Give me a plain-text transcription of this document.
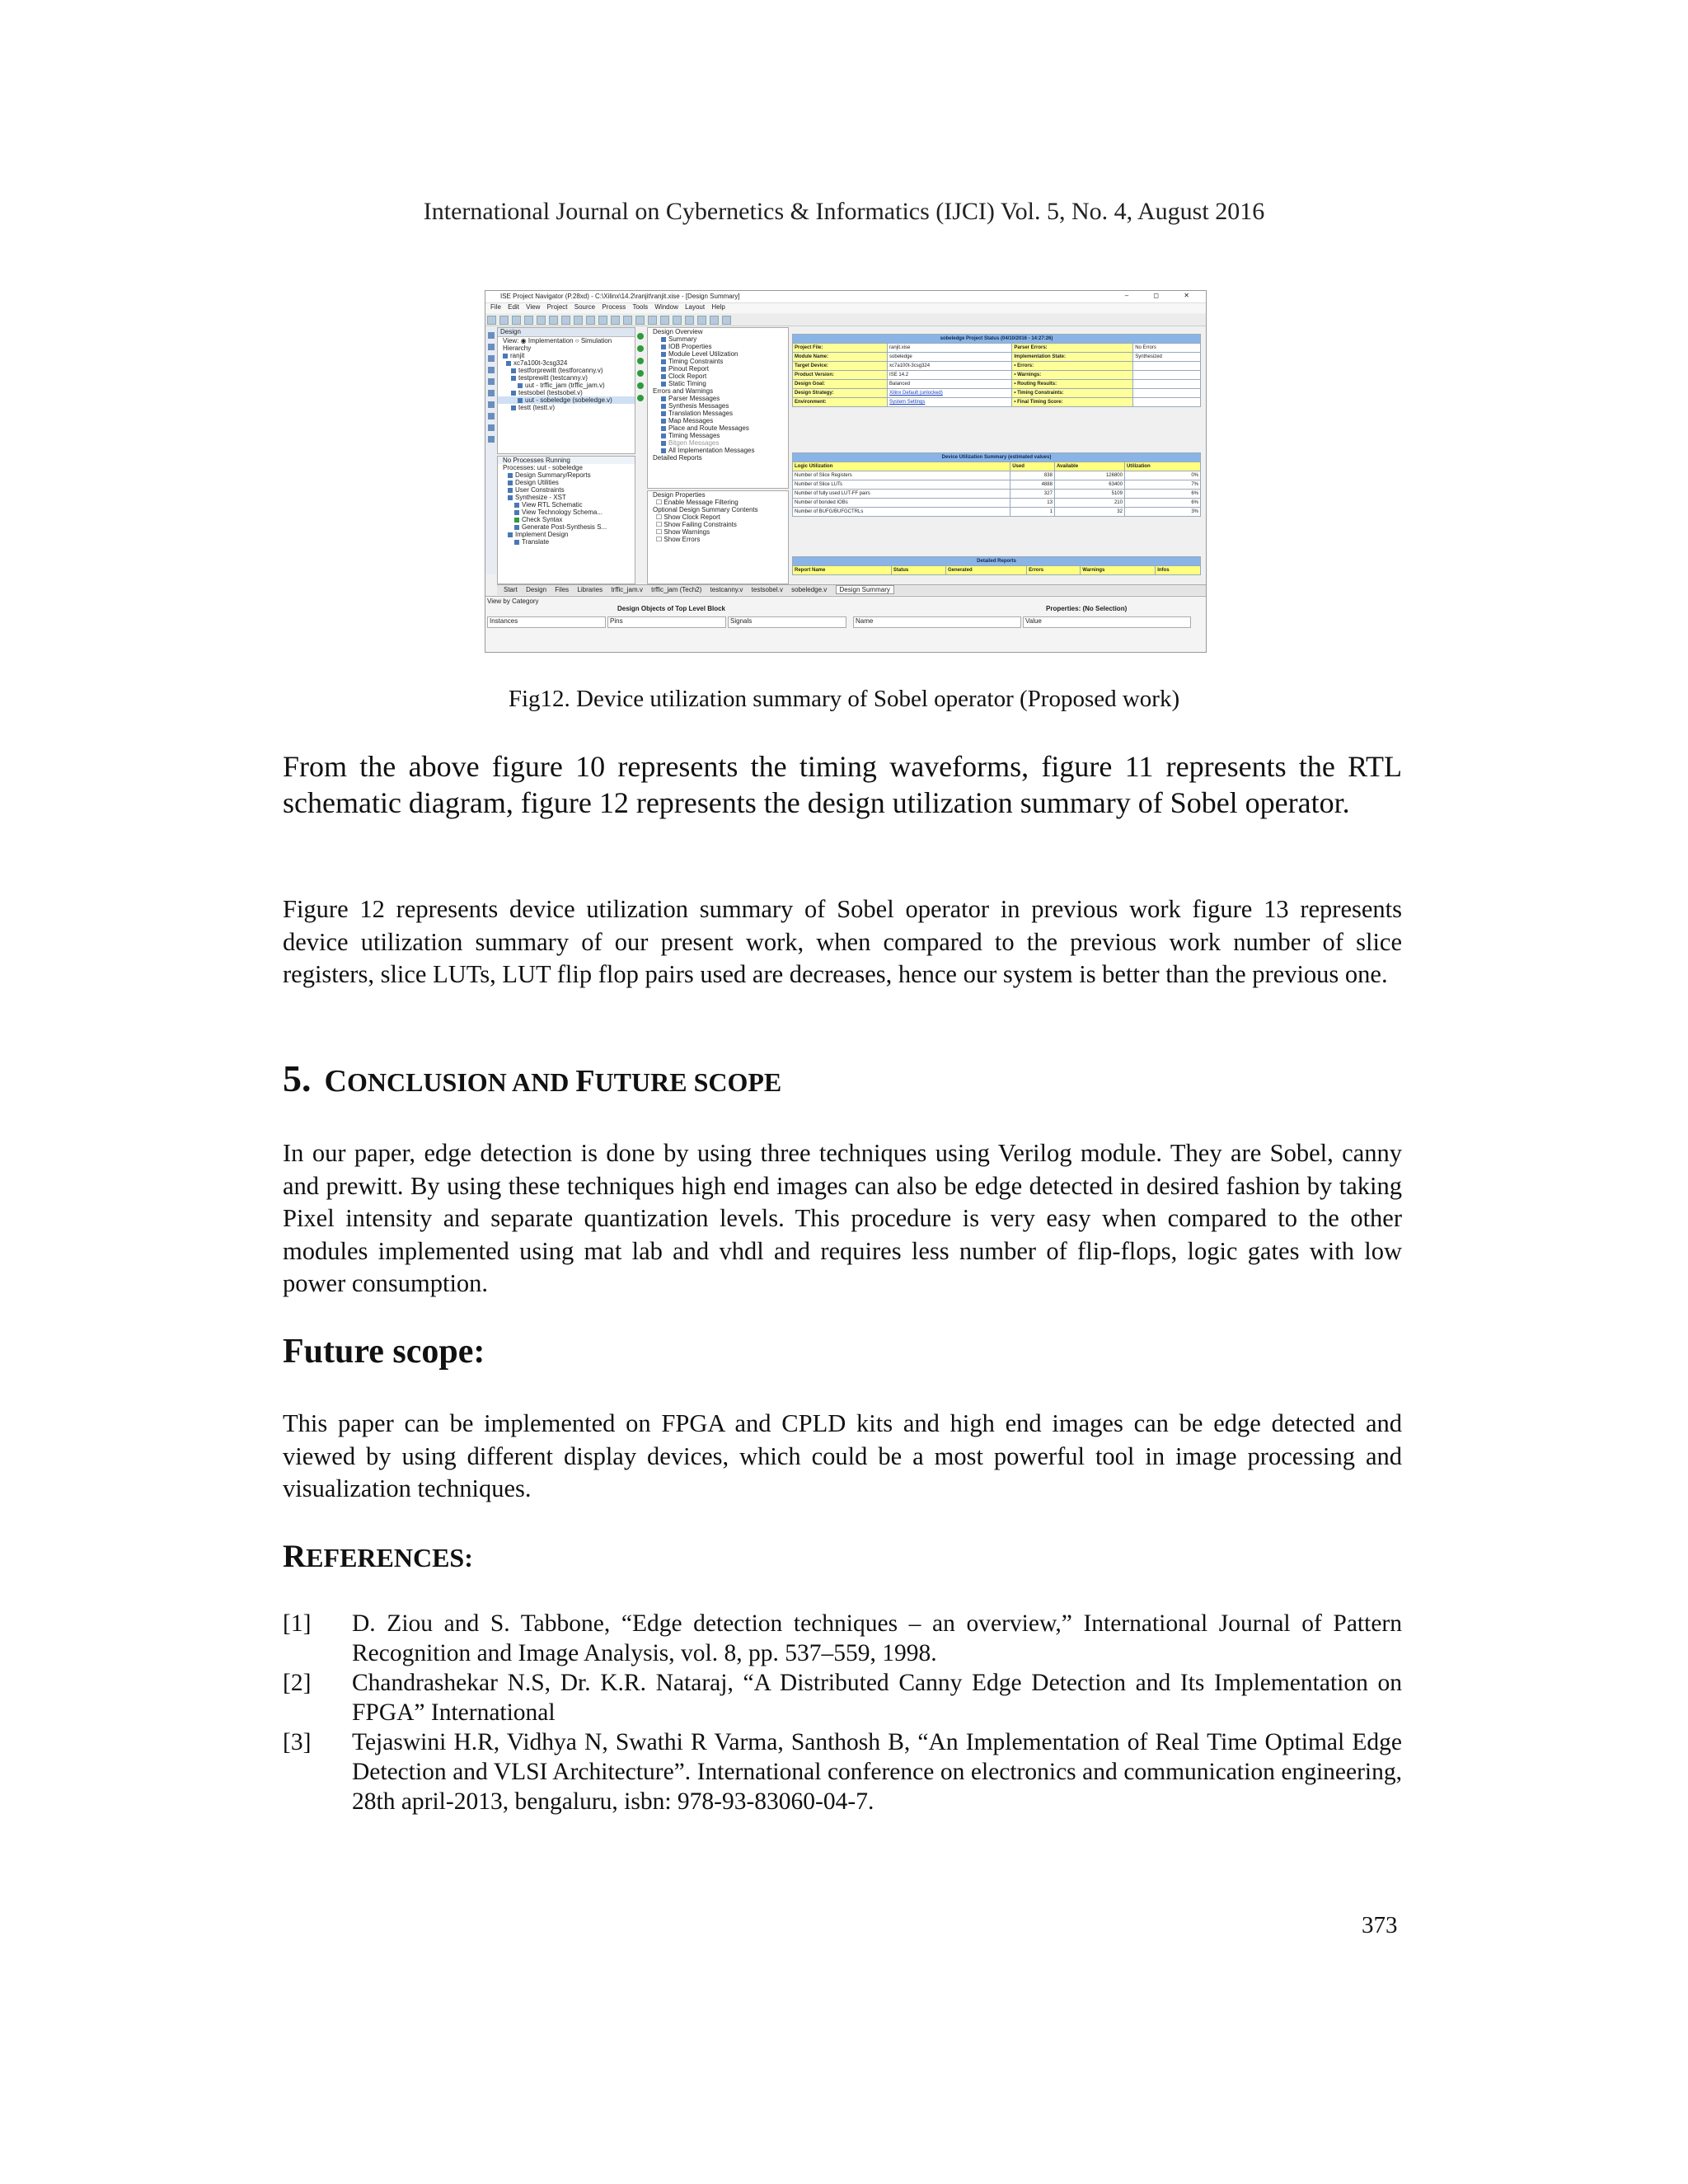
International Journal on Cybernetics & Informatics (IJCI) Vol. 5, No. 4, August 2016
ISE Project Navigator (P.28xd) - C:\Xilinx\14.2\ranjit\ranjit.xise - [Design Summary]	– ◻ ✕
File Edit View Project Source Process Tools Window Layout Help
Design
View: ◉ Implementation ○ Simulation
Hierarchy
ranjit
xc7a100t-3csg324
testforprewitt (testforcanny.v)
testprewitt (testcanny.v)
uut - trffic_jam (trffic_jam.v)
testsobel (testsobel.v)
uut - sobeledge (sobeledge.v)
testt (testt.v)
No Processes Running
Processes: uut - sobeledge
Design Summary/Reports
Design Utilities
User Constraints
Synthesize - XST
View RTL Schematic
View Technology Schema...
Check Syntax
Generate Post-Synthesis S...
Implement Design
Translate
Design Overview
Summary
IOB Properties
Module Level Utilization
Timing Constraints
Pinout Report
Clock Report
Static Timing
Errors and Warnings
Parser Messages
Synthesis Messages
Translation Messages
Map Messages
Place and Route Messages
Timing Messages
Bitgen Messages
All Implementation Messages
Detailed Reports
Design Properties
☐ Enable Message Filtering
Optional Design Summary Contents
☐ Show Clock Report
☐ Show Failing Constraints
☐ Show Warnings
☐ Show Errors
sobeledge Project Status (04/10/2016 - 14:27:26)			
Project File:	ranjit.xise	Parser Errors:	No Errors
Module Name:	sobeledge	Implementation State:	Synthesized
Target Device:	xc7a100t-3csg324	• Errors:	
Product Version:	ISE 14.2	• Warnings:	
Design Goal:	Balanced	• Routing Results:	
Design Strategy:	Xilinx Default (unlocked)	• Timing Constraints:	
Environment:	System Settings	• Final Timing Score:	
Device Utilization Summary (estimated values)			
Logic Utilization	Used	Available	Utilization
Number of Slice Registers	838	126800	0%
Number of Slice LUTs	4888	63400	7%
Number of fully used LUT-FF pairs	327	5109	6%
Number of bonded IOBs	13	210	6%
Number of BUFG/BUFGCTRLs	1	32	3%
Detailed Reports
Report Name	Status	Generated	Errors	Warnings	Infos
Start Design Files Libraries trffic_jam.v trffic_jam (Tech2) testcanny.v testsobel.v sobeledge.v Design Summary
View by Category
Design Objects of Top Level Block	Properties: (No Selection)
Instances	Pins	Signals	Name	Value
Fig12. Device utilization summary of Sobel operator (Proposed work)

From the above figure 10 represents the timing waveforms, figure 11 represents the RTL schematic diagram, figure 12 represents the design utilization summary of Sobel operator.

Figure 12 represents device utilization summary of Sobel operator in previous work figure 13 represents device utilization summary of our present work, when compared to the previous work number of slice registers, slice LUTs, LUT flip flop pairs used are decreases, hence our system is better than the previous one.

5. CONCLUSION AND FUTURE SCOPE

In our paper, edge detection is done by using three techniques using Verilog module. They are Sobel, canny and prewitt. By using these techniques high end images can also be edge detected in desired fashion by taking Pixel intensity and separate quantization levels. This procedure is very easy when compared to the other modules implemented using mat lab and vhdl and requires less number of flip-flops, logic gates with low power consumption.

Future scope:

This paper can be implemented on FPGA and CPLD kits and high end images can be edge detected and viewed by using different display devices, which could be a most powerful tool in image processing and visualization techniques.

REFERENCES:
[1] D. Ziou and S. Tabbone, “Edge detection techniques – an overview,” International Journal of Pattern Recognition and Image Analysis, vol. 8, pp. 537–559, 1998.
[2] Chandrashekar N.S, Dr. K.R. Nataraj, “A Distributed Canny Edge Detection and Its Implementation on FPGA” International
[3] Tejaswini H.R, Vidhya N, Swathi R Varma, Santhosh B, “An Implementation of Real Time Optimal Edge Detection and VLSI Architecture”. International conference on electronics and communication engineering, 28th april-2013, bengaluru, isbn: 978-93-83060-04-7.
373
